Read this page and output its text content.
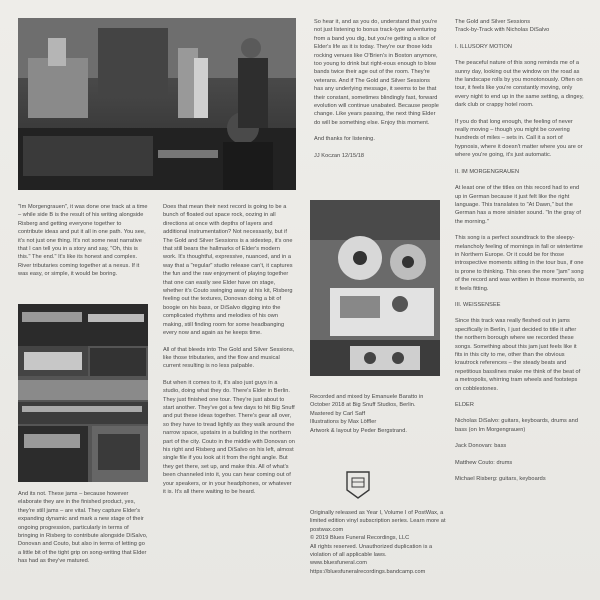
So hear it, and as you do, understand that you're not just listening to bonus track-type adventuring from a band you dig, but you're getting a slice of Elder's life as it is today. They're our those kids rocking venues like O'Brien's in Boston anymore, too young to drink but right-eous enough to blow bands twice their age out of the room. They're veterans. And if The Gold and Silver Sessions has any underlying message, it seems to be that their constant, sometimes blindingly fast, forward evolution will continue unabated. Because people change. Like years passing, the next thing Elder do will be something else. Enjoy this moment.

And thanks for listening.

JJ Koczan 12/15/18

"Im Morgengrauen", it was done one track at a time – while side B is the result of his writing alongside Risberg and getting everyone together to contribute ideas and put it all in one path. You see, it's not just one thing. It's not some neat narrative that I can tell you in a story and say, "Oh, this is this." The end." It's like its honest and complex. River tributaries coming together at a nexus. If it was easy, or simple, it would be boring.

And its not. These jams – because however elaborate they are in the finished product, yes, they're still jams – are vital. They capture Elder's expanding dynamic and mark a new stage of their ongoing progression, particularly in terms of bringing in Risberg to contribute alongside DiSalvo, Donovan and Couto, but also in terms of letting go a little bit of the tight grip on song-writing that Elder has had as they've matured.

Does that mean their next record is going to be a bunch of floated out space rock, oozing in all directions at once with depths of layers and additional instrumentation? Not necessarily, but if The Gold and Silver Sessions is a sidestep, it's one that still bears the hallmarks of Elder's modern work. It's thoughtful, expressive, nuanced, and in a way that a "regular" studio release can't, it captures the fun and the raw enjoyment of playing together that one can easily see Elder have on stage, whether it's Couto swinging away at his kit, Risberg feeling out the textures, Donovan doing a bit of boogie on his bass, or DiSalvo digging into the complicated rhythms and melodies of his own making, still finding room for some headbanging every now and again as he keeps time.

All of that bleeds into The Gold and Silver Sessions, like those tributaries, and the flow and musical current resulting is no less palpable.

But when it comes to it, it's also just guys in a studio, doing what they do. There's Elder in Berlin. They just finished one tour. They're just about to start another. They've got a few days to hit Big Snuff and put these ideas together. There's gear all over, so they have to tread lightly as they walk around the narrow space, upstairs in a building in the northern part of the city. Couto in the middle with Donovan on his right and Risberg and DiSalvo on his left, almost single file if you look at it from the right angle. But they get there, set up, and make this. All of what's been channeled into it, you can hear coming out of your speakers, or in your headphones, or whatever it is. It's all there waiting to be heard.

Recorded and mixed by Emanuele Baratto in October 2018 at Big Snuff Studios, Berlin.

Mastered by Carl Saff

Illustrations by Max Löffler

Artwork & layout by Peder Bergstrand.

Originally released as Year I, Volume I of PostWax, a limited edition vinyl subscription series. Learn more at postwax.com

© 2019 Blues Funeral Recordings, LLC

All rights reserved. Unauthorized duplication is a violation of all applicable laws.

www.bluesfuneral.com

https://bluesfuneralrecordings.bandcamp.com

The Gold and Silver Sessions

Track-by-Track with Nicholas DiSalvo

I. ILLUSORY MOTION

The peaceful nature of this song reminds me of a sunny day, looking out the window on the road as the landscape rolls by you monotonously. Often on tour, it feels like you're constantly moving, only every night to end up in the same setting, a dingey, dark club or crappy hotel room.

If you do that long enough, the feeling of never really moving – though you might be covering hundreds of miles – sets in. Call it a sort of hypnosis, where it doesn't matter where you are or where you're going, it's just automatic.

II. IM MORGENGRAUEN

At least one of the titles on this record had to end up in German because it just felt like the right language. This translates to "At Dawn," but the German has a more sinister sound. "In the gray of the morning."

This song is a perfect soundtrack to the sleepy-melancholy feeling of mornings in fall or wintertime in Northern Europe. Or it could be for those introspective moments sitting in the tour bus, if one is prone to thinking. This ones the more "jam" song of the record and was written in those moments, so it feels fitting.

III. WEISSENSEE

Since this track was really fleshed out in jams specifically in Berlin, I just decided to title it after the northern borough where we recorded these songs. Something about this jam just feels like it fits in this city to me, other than the obvious krautrock references – the steady beats and repetitious basslines make me think of the beat of a metropolis, whirring tram wheels and footsteps on cobblestones.

ELDER

Nicholas DiSalvo: guitars, keyboards, drums and bass (on Im Morgengrauen)

Jack Donovan: bass

Matthew Couto: drums

Michael Risberg: guitars, keyboards
